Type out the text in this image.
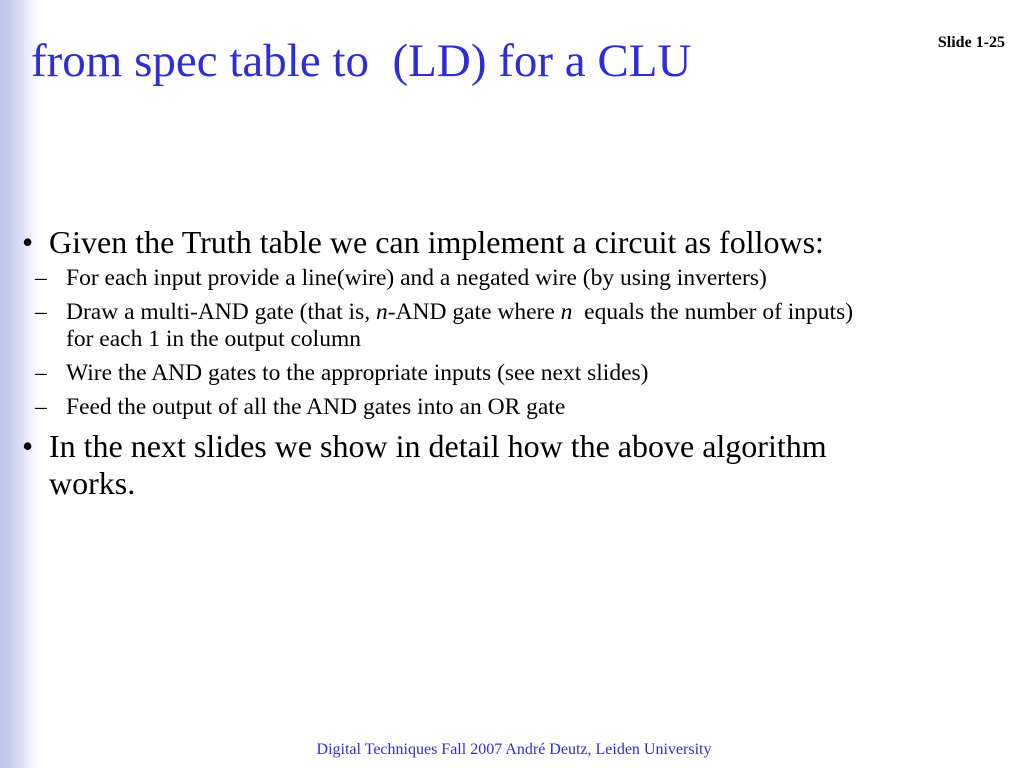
Slide 1-25
from spec table to  (LD) for a CLU
• Given the Truth table we can implement a circuit as follows:
– For each input provide a line(wire) and a negated wire (by using inverters)
– Draw a multi-AND gate (that is, n-AND gate where n  equals the number of inputs) for each 1 in the output column
– Wire the AND gates to the appropriate inputs (see next slides)
– Feed the output of all the AND gates into an OR gate
• In the next slides we show in detail how the above algorithm works.
Digital Techniques Fall 2007 André Deutz, Leiden University
